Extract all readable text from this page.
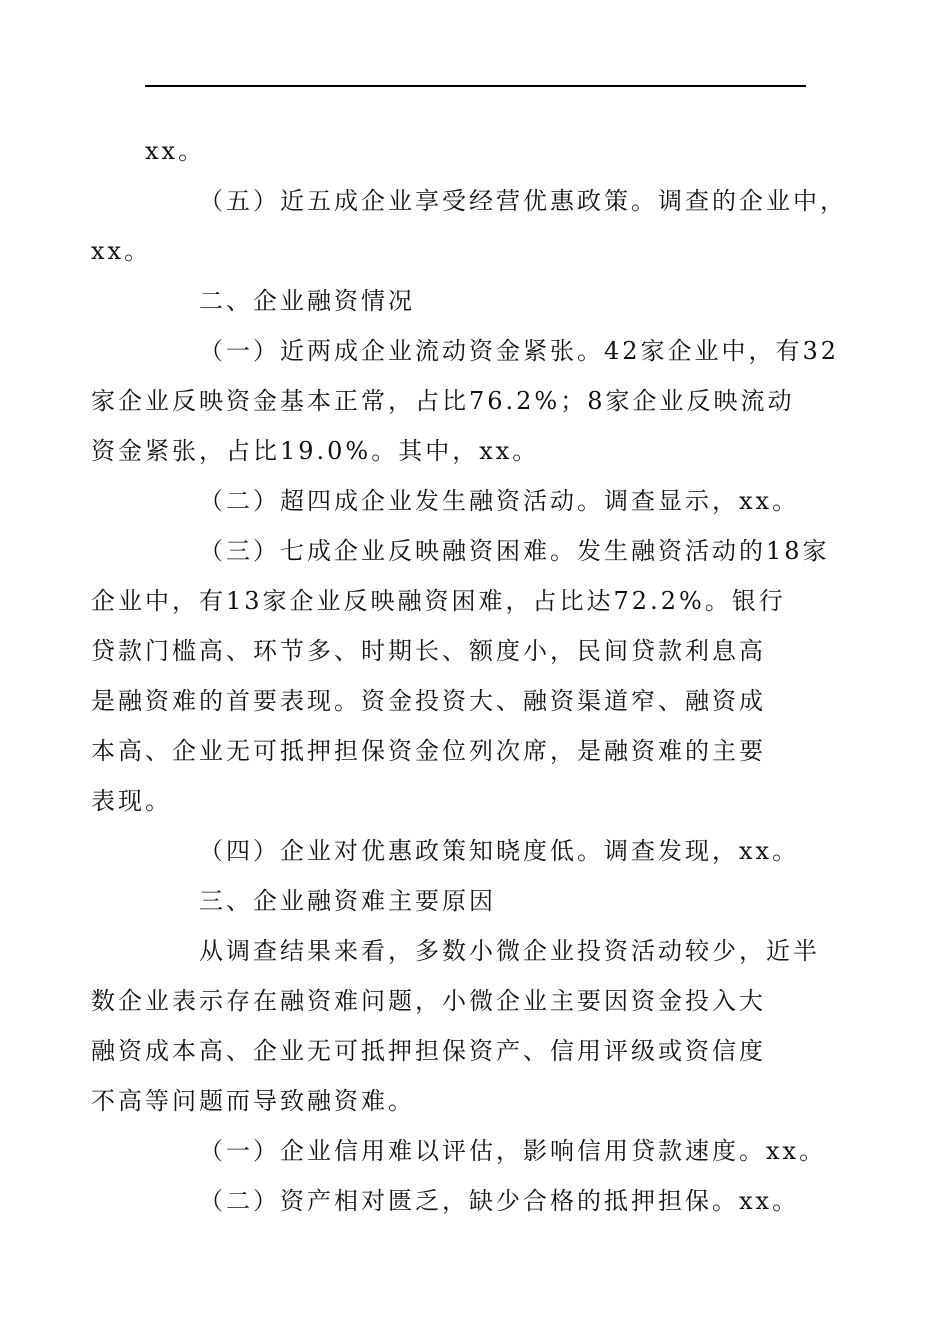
xx。

（五）近五成企业享受经营优惠政策。调查的企业中，
xx。

二、企业融资情况

（一）近两成企业流动资金紧张。42家企业中，有32
家企业反映资金基本正常，占比76.2%；8家企业反映流动
资金紧张，占比19.0%。其中，xx。

（二）超四成企业发生融资活动。调查显示，xx。

（三）七成企业反映融资困难。发生融资活动的18家
企业中，有13家企业反映融资困难，占比达72.2%。银行
贷款门槛高、环节多、时期长、额度小，民间贷款利息高
是融资难的首要表现。资金投资大、融资渠道窄、融资成
本高、企业无可抵押担保资金位列次席，是融资难的主要
表现。

（四）企业对优惠政策知晓度低。调查发现，xx。

三、企业融资难主要原因

从调查结果来看，多数小微企业投资活动较少，近半
数企业表示存在融资难问题，小微企业主要因资金投入大
融资成本高、企业无可抵押担保资产、信用评级或资信度
不高等问题而导致融资难。

（一）企业信用难以评估，影响信用贷款速度。xx。

（二）资产相对匮乏，缺少合格的抵押担保。xx。
